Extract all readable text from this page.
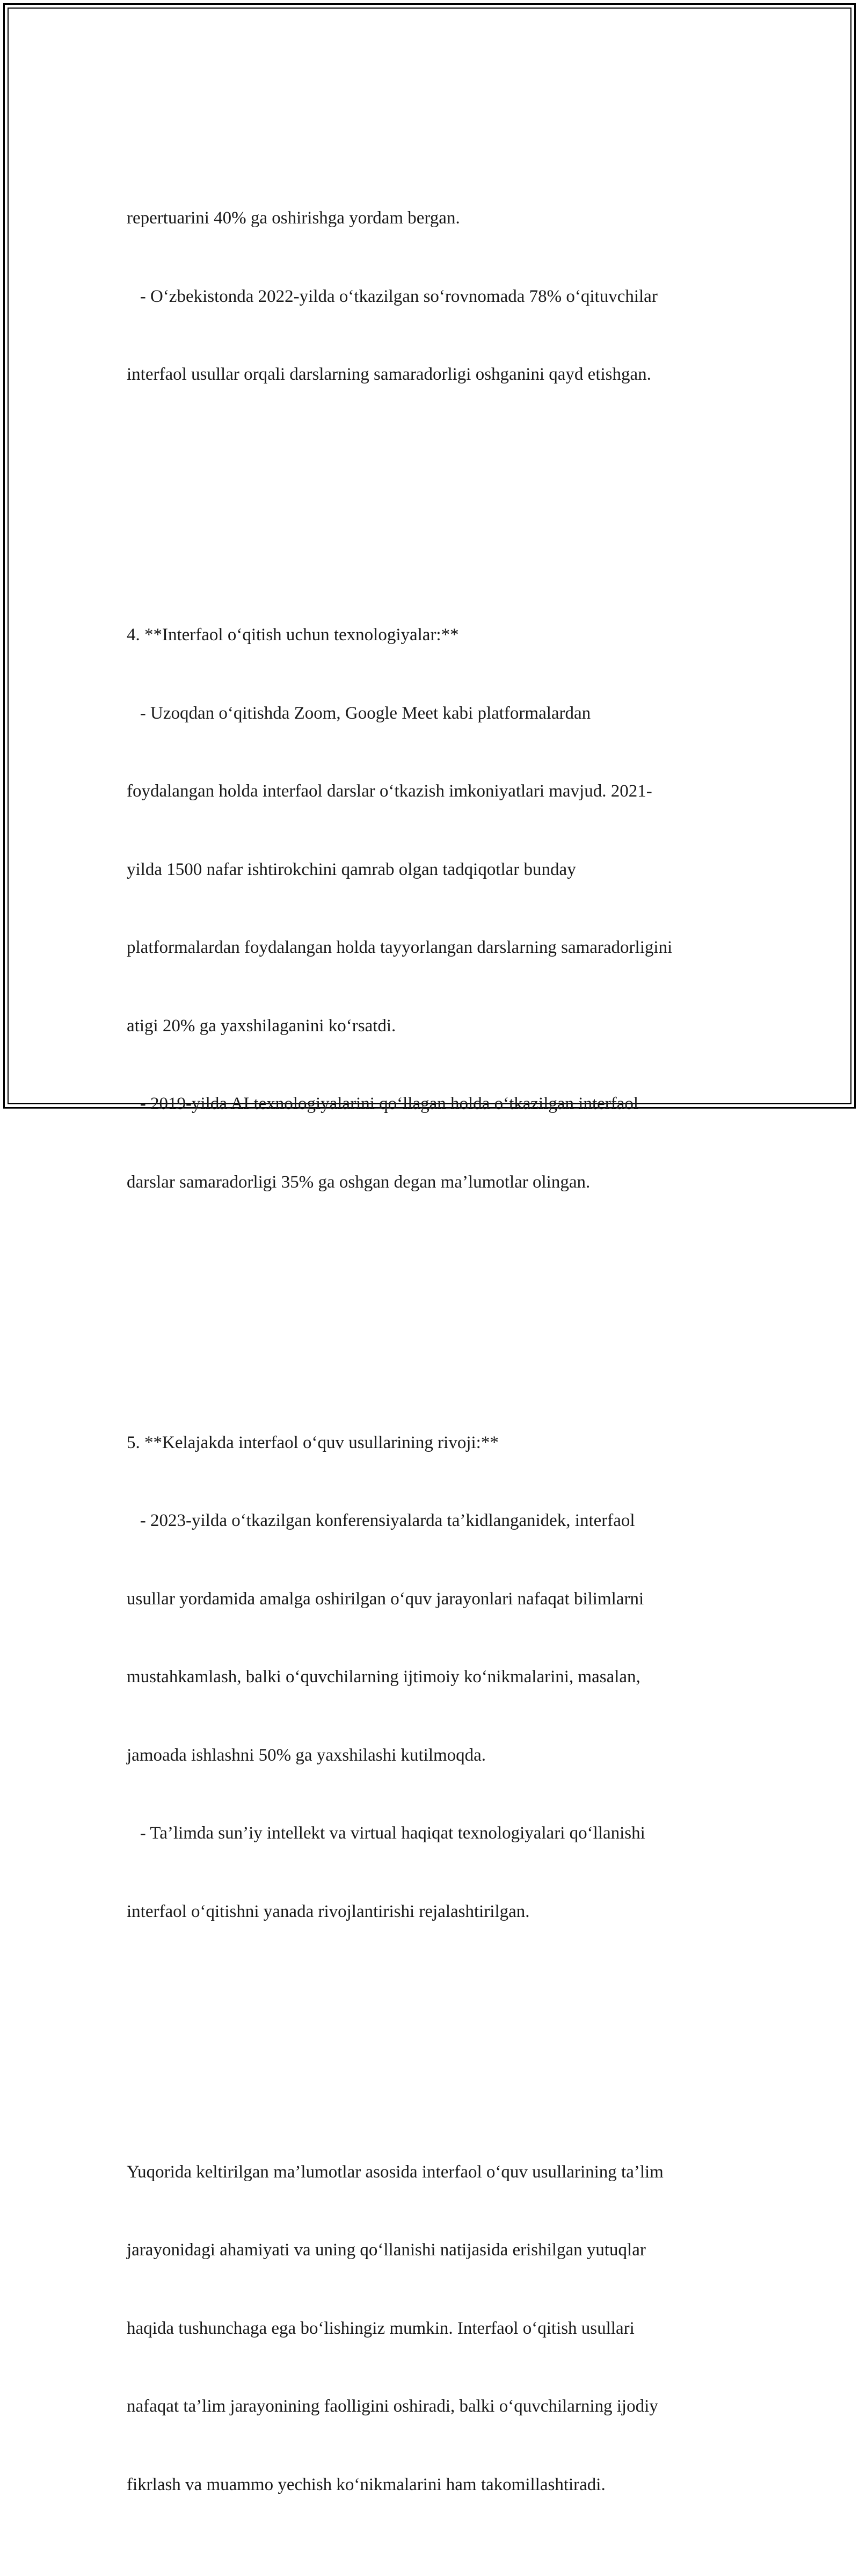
repertuarini 40% ga oshirishga yordam bergan.

- O‘zbekistonda 2022-yilda o‘tkazilgan so‘rovnomada 78% o‘qituvchilar

interfaol usullar orqali darslarning samaradorligi oshganini qayd etishgan.

4. **Interfaol o‘qitish uchun texnologiyalar:**

- Uzoqdan o‘qitishda Zoom, Google Meet kabi platformalardan

foydalangan holda interfaol darslar o‘tkazish imkoniyatlari mavjud. 2021-

yilda 1500 nafar ishtirokchini qamrab olgan tadqiqotlar bunday

platformalardan foydalangan holda tayyorlangan darslarning samaradorligini

atigi 20% ga yaxshilaganini ko‘rsatdi.

- 2019-yilda AI texnologiyalarini qo‘llagan holda o‘tkazilgan interfaol

darslar samaradorligi 35% ga oshgan degan ma’lumotlar olingan.

5. **Kelajakda interfaol o‘quv usullarining rivoji:**

- 2023-yilda o‘tkazilgan konferensiyalarda ta’kidlanganidek, interfaol

usullar yordamida amalga oshirilgan o‘quv jarayonlari nafaqat bilimlarni

mustahkamlash, balki o‘quvchilarning ijtimoiy ko‘nikmalarini, masalan,

jamoada ishlashni 50% ga yaxshilashi kutilmoqda.

- Ta’limda sun’iy intellekt va virtual haqiqat texnologiyalari qo‘llanishi

interfaol o‘qitishni yanada rivojlantirishi rejalashtirilgan.

Yuqorida keltirilgan ma’lumotlar asosida interfaol o‘quv usullarining ta’lim

jarayonidagi ahamiyati va uning qo‘llanishi natijasida erishilgan yutuqlar

haqida tushunchaga ega bo‘lishingiz mumkin. Interfaol o‘qitish usullari

nafaqat ta’lim jarayonining faolligini oshiradi, balki o‘quvchilarning ijodiy

fikrlash va muammo yechish ko‘nikmalarini ham takomillashtiradi.
